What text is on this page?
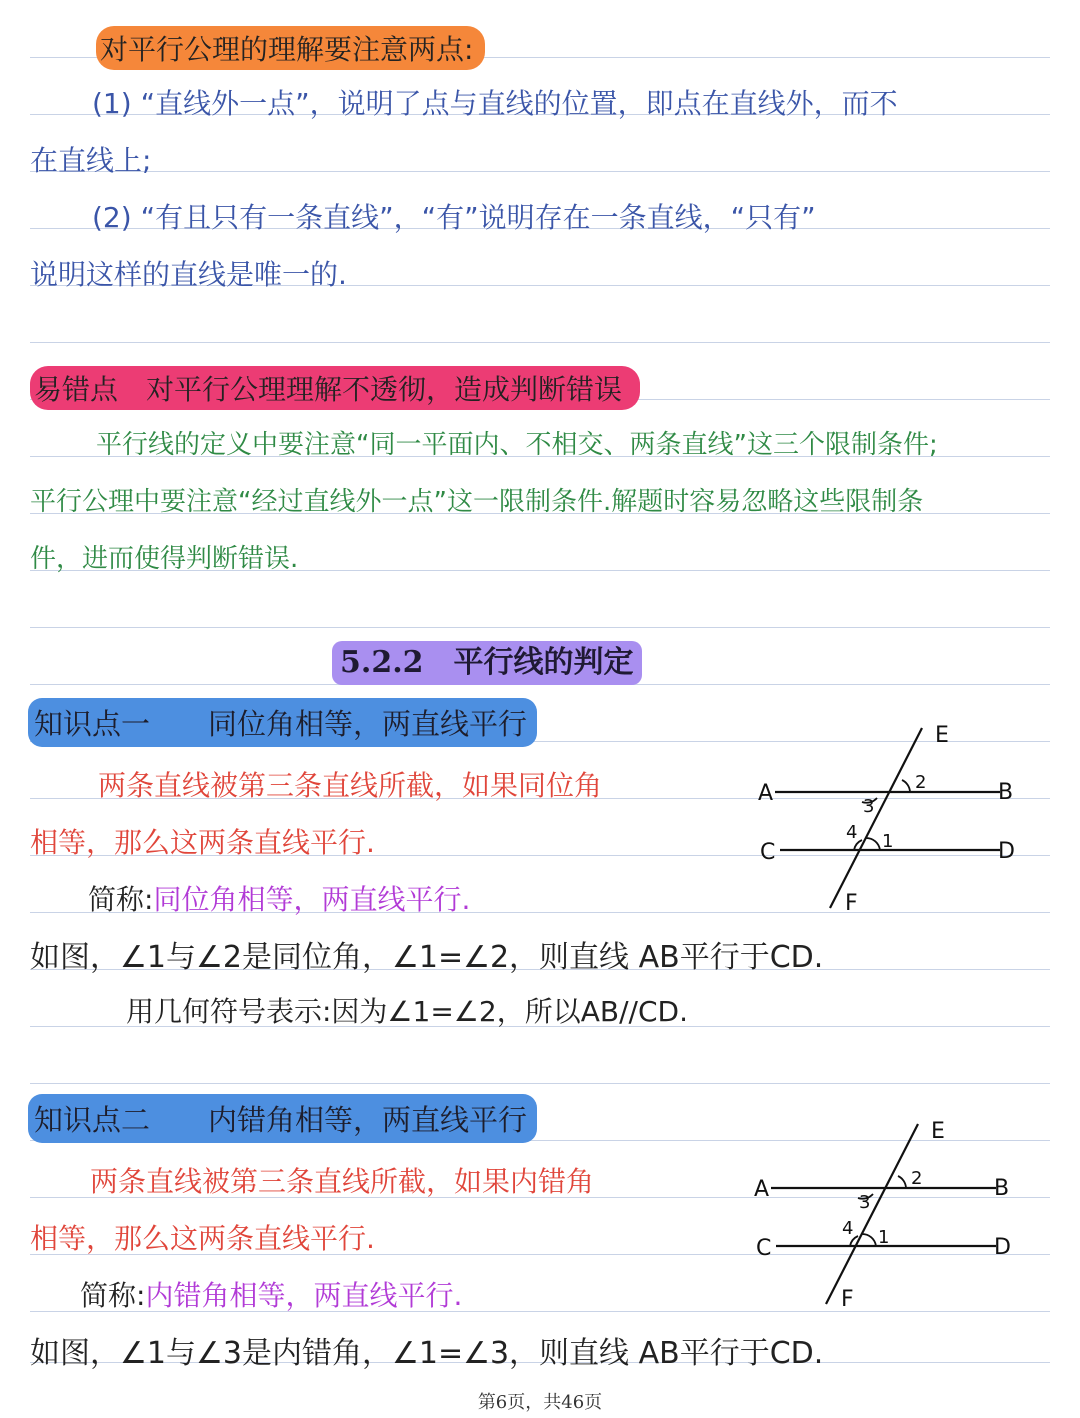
对平行公理的理解要注意两点:
(1) “直线外一点”，说明了点与直线的位置，即点在直线外，而不
在直线上;
(2) “有且只有一条直线”，“有”说明存在一条直线，“只有”
说明这样的直线是唯一的.
易错点　对平行公理理解不透彻，造成判断错误
平行线的定义中要注意“同一平面内、不相交、两条直线”这三个限制条件;
平行公理中要注意“经过直线外一点”这一限制条件.解题时容易忽略这些限制条
件，进而使得判断错误.
5.2.2　平行线的判定
知识点一　　同位角相等，两直线平行
两条直线被第三条直线所截，如果同位角
相等，那么这两条直线平行.
简称:同位角相等，两直线平行.
如图，∠1与∠2是同位角，∠1=∠2，则直线 AB平行于CD.
用几何符号表示:因为∠1=∠2，所以AB//CD.
A	B
C	D
E
F
2
3
4 1
知识点二　　内错角相等，两直线平行
两条直线被第三条直线所截，如果内错角
相等，那么这两条直线平行.
简称:内错角相等，两直线平行.
如图，∠1与∠3是内错角，∠1=∠3，则直线 AB平行于CD.
A	B
C	D
E
F
2
3
4 1
第6页，共46页
